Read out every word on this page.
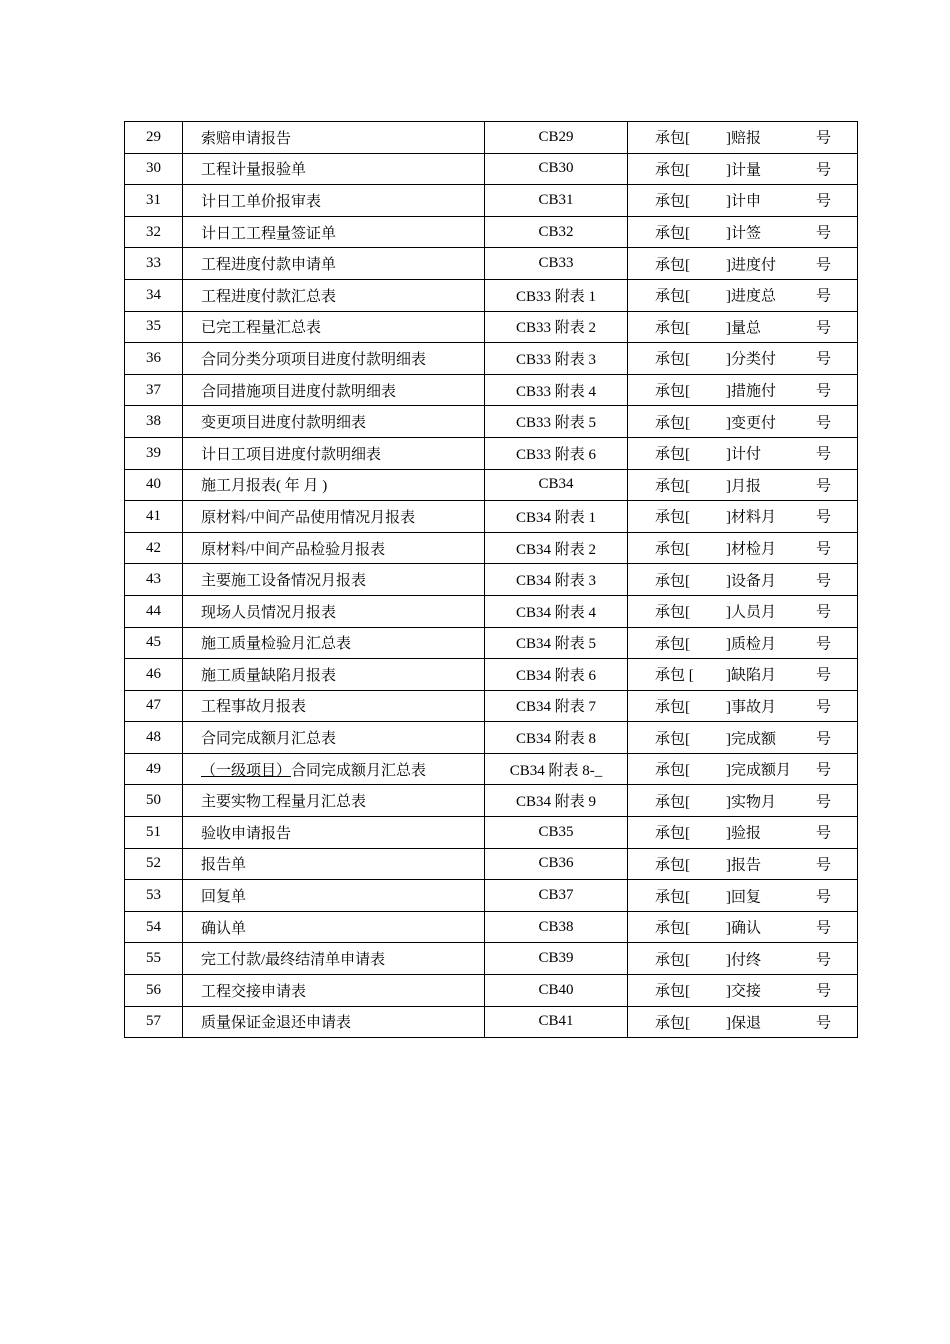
29	索赔申请报告	CB29	承包[ ]赔报 号

30	工程计量报验单	CB30	承包[ ]计量 号

31	计日工单价报审表	CB31	承包[ ]计申 号

32	计日工工程量签证单	CB32	承包[ ]计签 号

33	工程进度付款申请单	CB33	承包[ ]进度付 号

34	工程进度付款汇总表	CB33 附表 1	承包[ ]进度总 号

35	已完工程量汇总表	CB33 附表 2	承包[ ]量总 号

36	合同分类分项项目进度付款明细表	CB33 附表 3	承包[ ]分类付 号

37	合同措施项目进度付款明细表	CB33 附表 4	承包[ ]措施付 号

38	变更项目进度付款明细表	CB33 附表 5	承包[ ]变更付 号

39	计日工项目进度付款明细表	CB33 附表 6	承包[ ]计付 号

40	施工月报表( 年 月 )	CB34	承包[ ]月报 号

41	原材料/中间产品使用情况月报表	CB34 附表 1	承包[ ]材料月 号

42	原材料/中间产品检验月报表	CB34 附表 2	承包[ ]材检月 号

43	主要施工设备情况月报表	CB34 附表 3	承包[ ]设备月 号

44	现场人员情况月报表	CB34 附表 4	承包[ ]人员月 号

45	施工质量检验月汇总表	CB34 附表 5	承包[ ]质检月 号

46	施工质量缺陷月报表	CB34 附表 6	承包 [ ]缺陷月 号

47	工程事故月报表	CB34 附表 7	承包[ ]事故月 号

48	合同完成额月汇总表	CB34 附表 8	承包[ ]完成额 号

49	（一级项目）合同完成额月汇总表	CB34 附表 8-_	承包[ ]完成额月 号

50	主要实物工程量月汇总表	CB34 附表 9	承包[ ]实物月 号

51	验收申请报告	CB35	承包[ ]验报 号

52	报告单	CB36	承包[ ]报告 号

53	回复单	CB37	承包[ ]回复 号

54	确认单	CB38	承包[ ]确认 号

55	完工付款/最终结清单申请表	CB39	承包[ ]付终 号

56	工程交接申请表	CB40	承包[ ]交接 号

57	质量保证金退还申请表	CB41	承包[ ]保退 号
